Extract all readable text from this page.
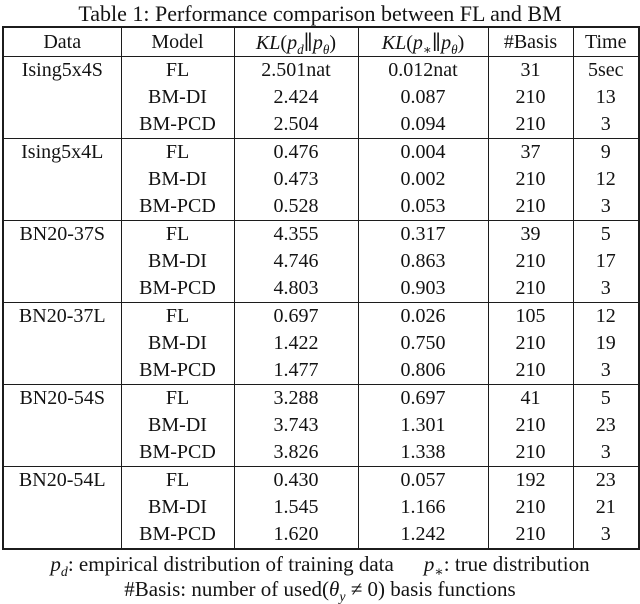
Table 1: Performance comparison between FL and BM
Data	Model	$KL(p_d\parallel p_\theta)$	$KL(p_∗\parallel p_\theta)$	#Basis	Time
Ising5x4S	FL	2.501nat	0.012nat	31	5sec
	BM-DI	2.424	0.087	210	13
	BM-PCD	2.504	0.094	210	3
Ising5x4L	FL	0.476	0.004	37	9
	BM-DI	0.473	0.002	210	12
	BM-PCD	0.528	0.053	210	3
BN20-37S	FL	4.355	0.317	39	5
	BM-DI	4.746	0.863	210	17
	BM-PCD	4.803	0.903	210	3
BN20-37L	FL	0.697	0.026	105	12
	BM-DI	1.422	0.750	210	19
	BM-PCD	1.477	0.806	210	3
BN20-54S	FL	3.288	0.697	41	5
	BM-DI	3.743	1.301	210	23
	BM-PCD	3.826	1.338	210	3
BN20-54L	FL	0.430	0.057	192	23
	BM-DI	1.545	1.166	210	21
	BM-PCD	1.620	1.242	210	3
$p_d$: empirical distribution of training data $p_∗$: true distribution
#Basis: number of $used(\theta_y \ne 0)$ basis functions
